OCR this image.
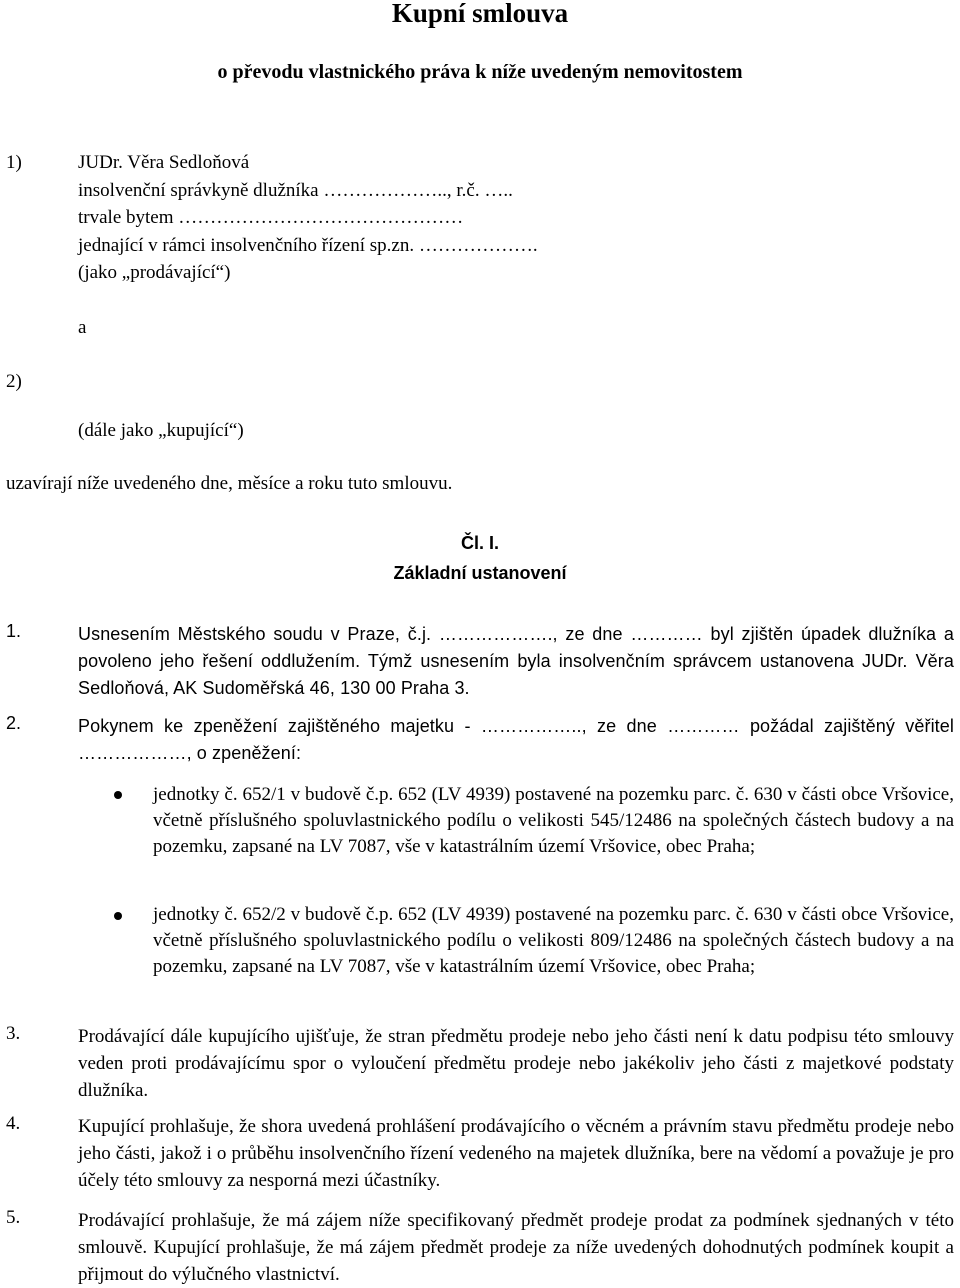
Kupní smlouva
o převodu vlastnického práva k níže uvedeným nemovitostem
1)	JUDr. Věra Sedloňová
insolvenční správkyně dlužníka ……………….., r.č. …..
trvale bytem ………………………………………
jednající v rámci insolvenčního řízení sp.zn. ……………….
(jako „prodávající“)
a
2)
(dále jako „kupující“)
uzavírají níže uvedeného dne, měsíce a roku tuto smlouvu.
Čl. I.
Základní ustanovení
1.	Usnesením Městského soudu v Praze, č.j. ………………., ze dne ………… byl zjištěn úpadek dlužníka a povoleno jeho řešení oddlužením. Týmž usnesením byla insolvenčním správcem ustanovena JUDr. Věra Sedloňová, AK Sudoměřská 46, 130 00 Praha 3.
2.	Pokynem ke zpeněžení zajištěného majetku - …………….., ze dne ………… požádal zajištěný věřitel ………………, o zpeněžení:
jednotky č. 652/1 v budově č.p. 652 (LV 4939) postavené na pozemku parc. č. 630 v části obce Vršovice, včetně příslušného spoluvlastnického podílu o velikosti 545/12486 na společných částech budovy a na pozemku, zapsané na LV 7087, vše v katastrálním území Vršovice, obec Praha;
jednotky č. 652/2 v budově č.p. 652 (LV 4939) postavené na pozemku parc. č. 630 v části obce Vršovice, včetně příslušného spoluvlastnického podílu o velikosti 809/12486 na společných částech budovy a na pozemku, zapsané na LV 7087, vše v katastrálním území Vršovice, obec Praha;
3.	Prodávající dále kupujícího ujišťuje, že stran předmětu prodeje nebo jeho části není k datu podpisu této smlouvy veden proti prodávajícímu spor o vyloučení předmětu prodeje nebo jakékoliv jeho části z majetkové podstaty dlužníka.
4.	Kupující prohlašuje, že shora uvedená prohlášení prodávajícího o věcném a právním stavu předmětu prodeje nebo jeho části, jakož i o průběhu insolvenčního řízení vedeného na majetek dlužníka, bere na vědomí a považuje je pro účely této smlouvy za nesporná mezi účastníky.
5.	Prodávající prohlašuje, že má zájem níže specifikovaný předmět prodeje prodat za podmínek sjednaných v této smlouvě. Kupující prohlašuje, že má zájem předmět prodeje za níže uvedených dohodnutých podmínek koupit a přijmout do výlučného vlastnictví.
